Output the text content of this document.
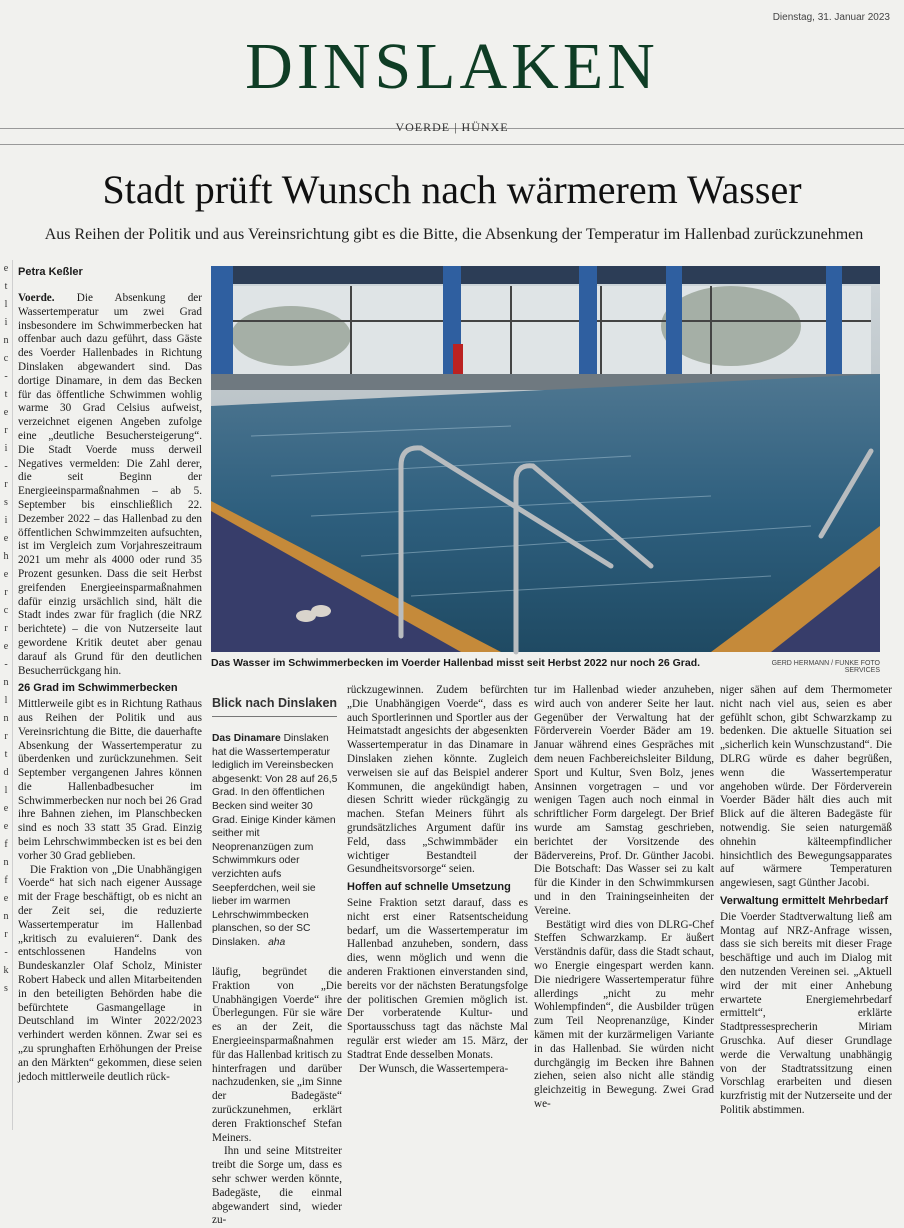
Dienstag, 31. Januar 2023
DINSLAKEN
VOERDE | HÜNXE
Stadt prüft Wunsch nach wärmerem Wasser
Aus Reihen der Politik und aus Vereinsrichtung gibt es die Bitte, die Absenkung der Temperatur im Hallenbad zurückzunehmen
e
t
l
i
n
c
-
t
e
r
i
-
r
s
i
e
h
e
r
c
r
e
-
n
l
n
r
t
d
l
e
e
f
n
f
e
n
r
-
k
s
Petra Keßler

Voerde. Die Absenkung der Wassertemperatur um zwei Grad insbesondere im Schwimmerbecken hat offenbar auch dazu geführt, dass Gäste des Voerder Hallenbades in Richtung Dinslaken abgewandert sind. Das dortige Dinamare, in dem das Becken für das öffentliche Schwimmen wohlig warme 30 Grad Celsius aufweist, verzeichnet eigenen Angeben zufolge eine „deutliche Besuchersteigerung“. Die Stadt Voerde muss derweil Negatives vermelden: Die Zahl derer, die seit Beginn der Energieeinsparmaßnahmen – ab 5. September bis einschließlich 22. Dezember 2022 – das Hallenbad zu den öffentlichen Schwimmzeiten aufsuchten, ist im Vergleich zum Vorjahreszeitraum 2021 um mehr als 4000 oder rund 35 Prozent gesunken. Dass die seit Herbst greifenden Energieeinsparmaßnahmen dafür einzig ursächlich sind, hält die Stadt indes zwar für fraglich (die NRZ berichtete) – die von Nutzerseite laut gewordene Kritik deutet aber genau darauf als Grund für den deutlichen Besucherrückgang hin.

26 Grad im Schwimmerbecken

Mittlerweile gibt es in Richtung Rathaus aus Reihen der Politik und aus Vereinsrichtung die Bitte, die dauerhafte Absenkung der Wassertemperatur zu überdenken und zurückzunehmen. Seit September vergangenen Jahres können die Hallenbadbesucher im Schwimmerbecken nur noch bei 26 Grad ihre Bahnen ziehen, im Planschbecken sind es noch 33 statt 35 Grad. Einzig beim Lehrschwimmbecken ist es bei den vorher 30 Grad geblieben.

Die Fraktion von „Die Unabhängigen Voerde“ hat sich nach eigener Aussage mit der Frage beschäftigt, ob es nicht an der Zeit sei, die reduzierte Wassertemperatur im Hallenbad „kritisch zu evaluieren“. Dank des entschlossenen Handelns von Bundeskanzler Olaf Scholz, Minister Robert Habeck und allen Mitarbeitenden in den beteiligten Behörden habe die befürchtete Gasmangellage in Deutschland im Winter 2022/2023 verhindert werden können. Zwar sei es „zu sprunghaften Erhöhungen der Preise an den Märkten“ gekommen, diese seien jedoch mittlerweile deutlich rück-

Das Wasser im Schwimmerbecken im Voerder Hallenbad misst seit Herbst 2022 nur noch 26 Grad.	GERD HERMANN / FUNKE FOTO SERVICES
Blick nach Dinslaken
Das Dinamare Dinslaken hat die Wassertemperatur lediglich im Vereinsbecken abgesenkt: Von 28 auf 26,5 Grad. In den öffentlichen Becken sind weiter 30 Grad. Einige Kinder kämen seither mit Neoprenanzügen zum Schwimmkurs oder verzichten aufs Seepferdchen, weil sie lieber im warmen Lehrschwimmbecken planschen, so der SC Dinslaken. aha

läufig, begründet die Fraktion von „Die Unabhängigen Voerde“ ihre Überlegungen. Für sie wäre es an der Zeit, die Energieeinsparmaßnahmen für das Hallenbad kritisch zu hinterfragen und darüber nachzudenken, sie „im Sinne der Badegäste“ zurückzunehmen, erklärt deren Fraktionschef Stefan Meiners.

Ihn und seine Mitstreiter treibt die Sorge um, dass es sehr schwer werden könnte, Badegäste, die einmal abgewandert sind, wieder zu-

rückzugewinnen. Zudem befürchten „Die Unabhängigen Voerde“, dass es auch Sportlerinnen und Sportler aus der Heimatstadt angesichts der abgesenkten Wassertemperatur in das Dinamare in Dinslaken ziehen könnte. Zugleich verweisen sie auf das Beispiel anderer Kommunen, die angekündigt haben, diesen Schritt wieder rückgängig zu machen. Stefan Meiners führt als grundsätzliches Argument dafür ins Feld, dass „Schwimmbäder ein wichtiger Bestandteil der Gesundheitsvorsorge“ seien.

Hoffen auf schnelle Umsetzung

Seine Fraktion setzt darauf, dass es nicht erst einer Ratsentscheidung bedarf, um die Wassertemperatur im Hallenbad anzuheben, sondern, dass dies, wenn möglich und wenn die anderen Fraktionen einverstanden sind, bereits vor der nächsten Beratungsfolge der politischen Gremien möglich ist. Der vorberatende Kultur- und Sportausschuss tagt das nächste Mal regulär erst wieder am 15. März, der Stadtrat Ende desselben Monats.

Der Wunsch, die Wassertempera-

tur im Hallenbad wieder anzuheben, wird auch von anderer Seite her laut. Gegenüber der Verwaltung hat der Förderverein Voerder Bäder am 19. Januar während eines Gespräches mit dem neuen Fachbereichsleiter Bildung, Sport und Kultur, Sven Bolz, jenes Ansinnen vorgetragen – und vor wenigen Tagen auch noch einmal in schriftlicher Form dargelegt. Der Brief wurde am Samstag geschrieben, berichtet der Vorsitzende des Bädervereins, Prof. Dr. Günther Jacobi. Die Botschaft: Das Wasser sei zu kalt für die Kinder in den Schwimmkursen und in den Trainingseinheiten der Vereine.

Bestätigt wird dies von DLRG-Chef Steffen Schwarzkamp. Er äußert Verständnis dafür, dass die Stadt schaut, wo Energie eingespart werden kann. Die niedrigere Wassertemperatur führe allerdings „nicht zu mehr Wohlempfinden“, die Ausbilder trügen zum Teil Neoprenanzüge, Kinder kämen mit der kurzärmeligen Variante in das Hallenbad. Sie würden nicht durchgängig im Becken ihre Bahnen ziehen, seien also nicht alle ständig gleichzeitig in Bewegung. Zwei Grad we-

niger sähen auf dem Thermometer nicht nach viel aus, seien es aber gefühlt schon, gibt Schwarzkamp zu bedenken. Die aktuelle Situation sei „sicherlich kein Wunschzustand“. Die DLRG würde es daher begrüßen, wenn die Wassertemperatur angehoben würde. Der Förderverein Voerder Bäder hält dies auch mit Blick auf die älteren Badegäste für notwendig. Sie seien naturgemäß ohnehin kälteempfindlicher hinsichtlich des Bewegungsapparates auf wärmere Temperaturen angewiesen, sagt Günther Jacobi.

Verwaltung ermittelt Mehrbedarf

Die Voerder Stadtverwaltung ließ am Montag auf NRZ-Anfrage wissen, dass sie sich bereits mit dieser Frage beschäftige und auch im Dialog mit den nutzenden Vereinen sei. „Aktuell wird der mit einer Anhebung erwartete Energiemehrbedarf ermittelt“, erklärte Stadtpressesprecherin Miriam Gruschka. Auf dieser Grundlage werde die Verwaltung unabhängig von der Stadtratssitzung einen Vorschlag erarbeiten und diesen kurzfristig mit der Nutzerseite und der Politik abstimmen.
